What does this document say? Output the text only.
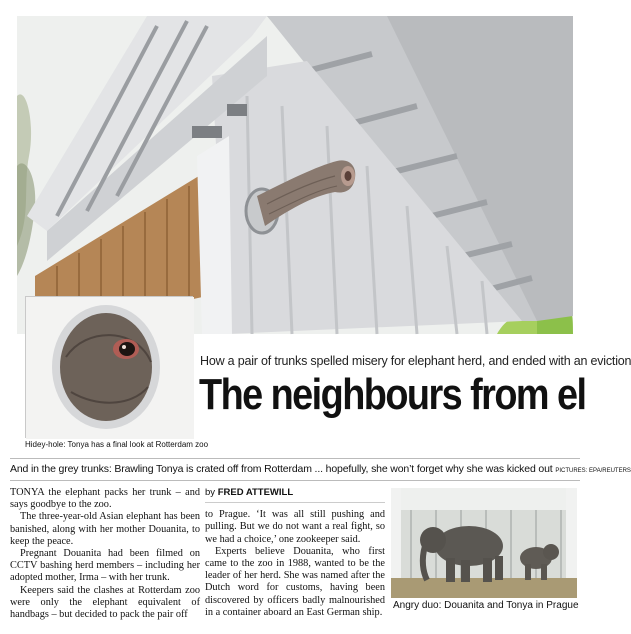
Hidey-hole: Tonya has a final look at Rotterdam zoo
How a pair of trunks spelled misery for elephant herd, and ended with an eviction
The neighbours from el
And in the grey trunks: Brawling Tonya is crated off from Rotterdam ... hopefully, she won’t forget why she was kicked out PICTURES: EPA/REUTERS

TONYA the elephant packs her trunk – and says goodbye to the zoo.

The three-year-old Asian elephant has been banished, along with her mother Douanita, to keep the peace.

Pregnant Douanita had been filmed on CCTV bashing herd members – including her adopted mother, Irma – with her trunk.

Keepers said the clashes at Rotterdam zoo were only the elephant equivalent of handbags – but decided to pack the pair off

by FRED ATTEWILL

to Prague. ‘It was all still pushing and pulling. But we do not want a real fight, so we had a choice,’ one zookeeper said.

Experts believe Douanita, who first came to the zoo in 1988, wanted to be the leader of her herd. She was named after the Dutch word for customs, having been discovered by officers badly malnourished in a container aboard an East German ship.

Angry duo: Douanita and Tonya in Prague
